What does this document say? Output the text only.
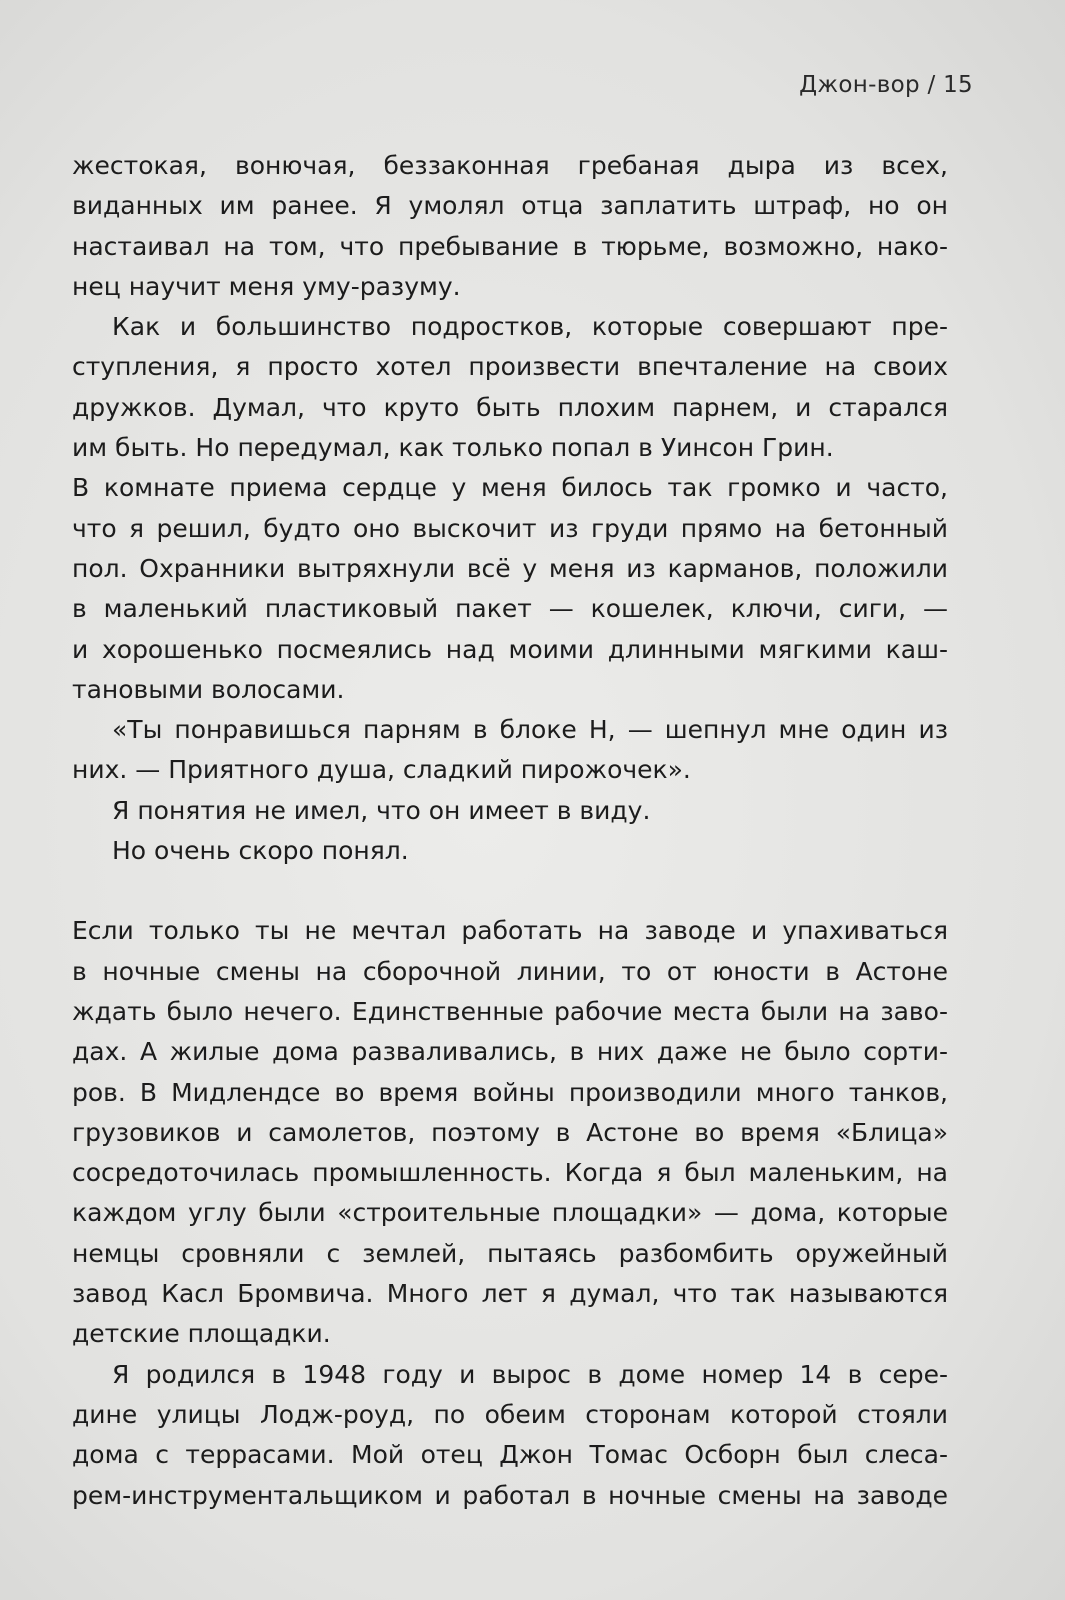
Джон-вор / 15
жестокая, вонючая, беззаконная гребаная дыра из всех,
виданных им ранее. Я умолял отца заплатить штраф, но он
настаивал на том, что пребывание в тюрьме, возможно, нако-
нец научит меня уму-разуму.
Как и большинство подростков, которые совершают пре-
ступления, я просто хотел произвести впечталение на своих
дружков. Думал, что круто быть плохим парнем, и старался
им быть. Но передумал, как только попал в Уинсон Грин.
В комнате приема сердце у меня билось так громко и часто,
что я решил, будто оно выскочит из груди прямо на бетонный
пол. Охранники вытряхнули всё у меня из карманов, положили
в маленький пластиковый пакет — кошелек, ключи, сиги, —
и хорошенько посмеялись над моими длинными мягкими каш-
тановыми волосами.
«Ты понравишься парням в блоке Н, — шепнул мне один из
них. — Приятного душа, сладкий пирожочек».
Я понятия не имел, что он имеет в виду.
Но очень скоро понял.
Если только ты не мечтал работать на заводе и упахиваться
в ночные смены на сборочной линии, то от юности в Астоне
ждать было нечего. Единственные рабочие места были на заво-
дах. А жилые дома разваливались, в них даже не было сорти-
ров. В Мидлендсе во время войны производили много танков,
грузовиков и самолетов, поэтому в Астоне во время «Блица»
сосредоточилась промышленность. Когда я был маленьким, на
каждом углу были «строительные площадки» — дома, которые
немцы сровняли с землей, пытаясь разбомбить оружейный
завод Касл Бромвича. Много лет я думал, что так называются
детские площадки.
Я родился в 1948 году и вырос в доме номер 14 в сере-
дине улицы Лодж-роуд, по обеим сторонам которой стояли
дома с террасами. Мой отец Джон Томас Осборн был слеса-
рем-инструментальщиком и работал в ночные смены на заводе
